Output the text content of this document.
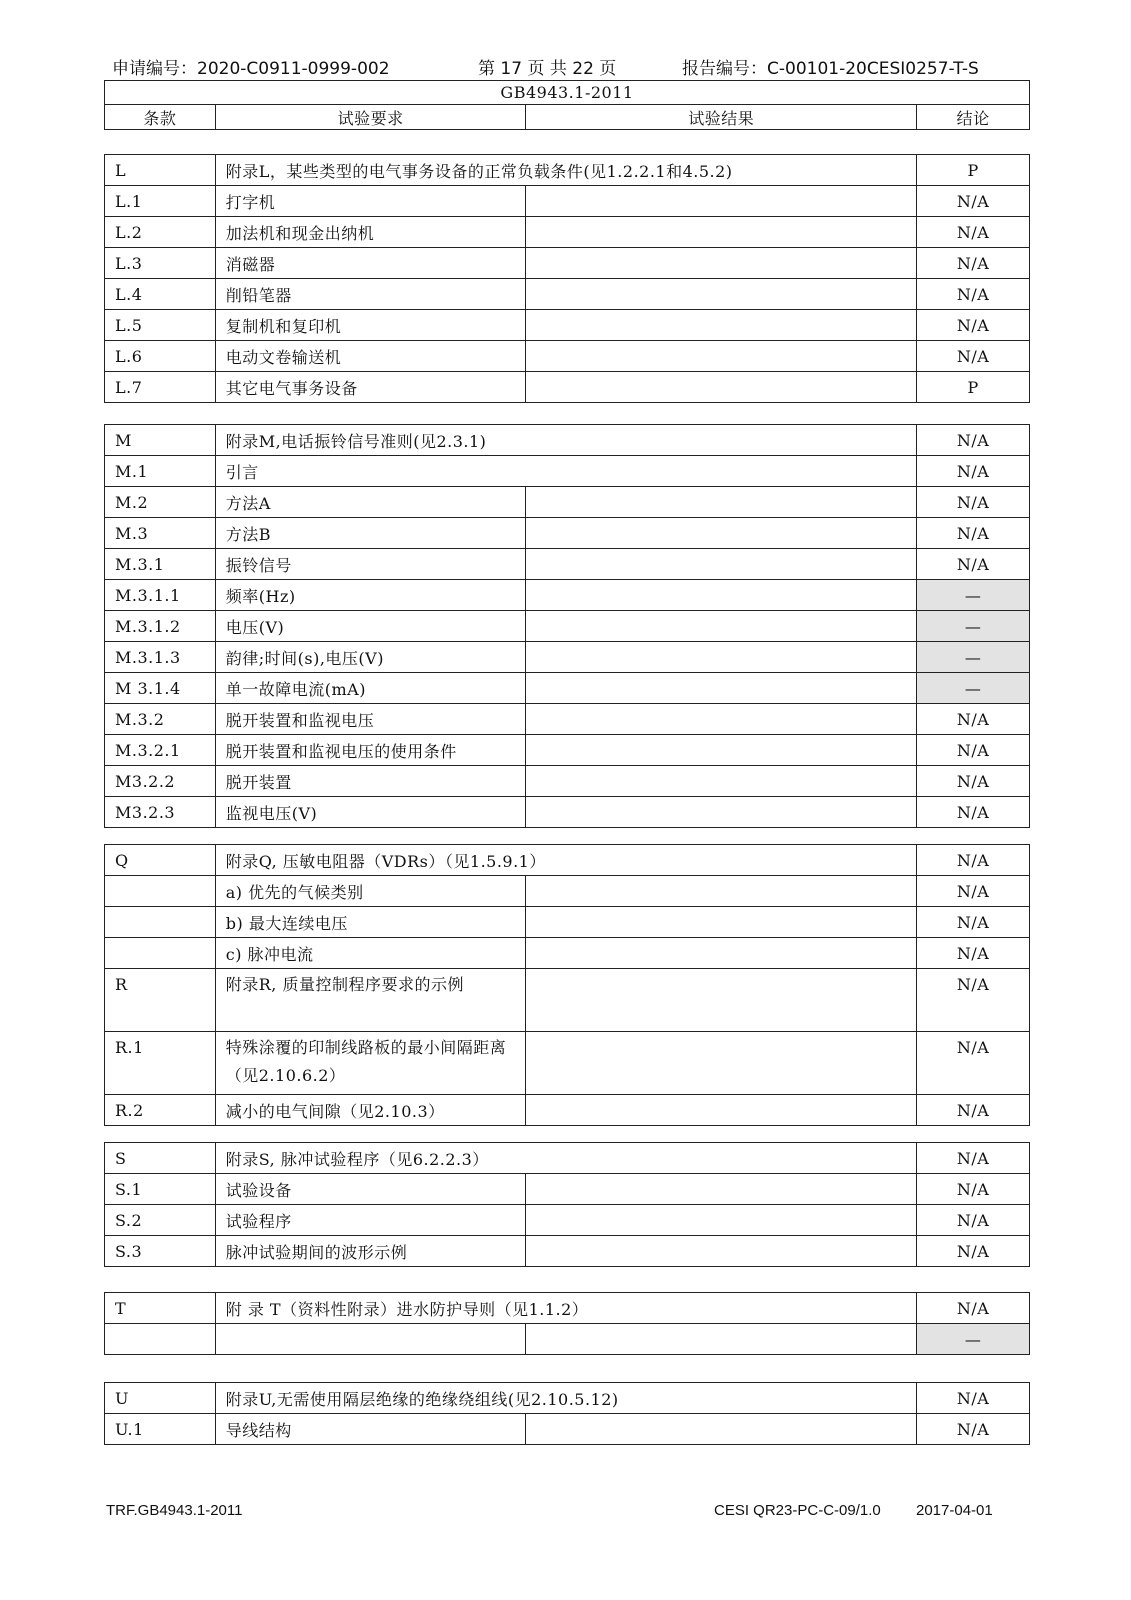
申请编号：2020-C0911-0999-002	第 17 页 共 22 页	报告编号：C-00101-20CESI0257-T-S
GB4943.1-2011
条款	试验要求	试验结果	结论
L	附录L，某些类型的电气事务设备的正常负载条件(见1.2.2.1和4.5.2)		P
L.1	打字机		N/A
L.2	加法机和现金出纳机		N/A
L.3	消磁器		N/A
L.4	削铅笔器		N/A
L.5	复制机和复印机		N/A
L.6	电动文卷输送机		N/A
L.7	其它电气事务设备		P
M	附录M,电话振铃信号准则(见2.3.1)		N/A
M.1	引言		N/A
M.2	方法A		N/A
M.3	方法B		N/A
M.3.1	振铃信号		N/A
M.3.1.1	频率(Hz)		—
M.3.1.2	电压(V)		—
M.3.1.3	韵律;时间(s),电压(V)		—
M 3.1.4	单一故障电流(mA)		—
M.3.2	脱开装置和监视电压		N/A
M.3.2.1	脱开装置和监视电压的使用条件		N/A
M3.2.2	脱开装置		N/A
M3.2.3	监视电压(V)		N/A
Q	附录Q, 压敏电阻器（VDRs）（见1.5.9.1）		N/A
	a) 优先的气候类别		N/A
	b) 最大连续电压		N/A
	c) 脉冲电流		N/A
R	附录R, 质量控制程序要求的示例		N/A
R.1	特殊涂覆的印制线路板的最小间隔距离（见2.10.6.2）		N/A
R.2	减小的电气间隙（见2.10.3）		N/A
S	附录S, 脉冲试验程序（见6.2.2.3）		N/A
S.1	试验设备		N/A
S.2	试验程序		N/A
S.3	脉冲试验期间的波形示例		N/A
T	附 录 T（资料性附录）进水防护导则（见1.1.2）		N/A
			—
U	附录U,无需使用隔层绝缘的绝缘绕组线(见2.10.5.12)		N/A
U.1	导线结构		N/A
TRF.GB4943.1-2011	CESI QR23-PC-C-09/1.0 2017-04-01
